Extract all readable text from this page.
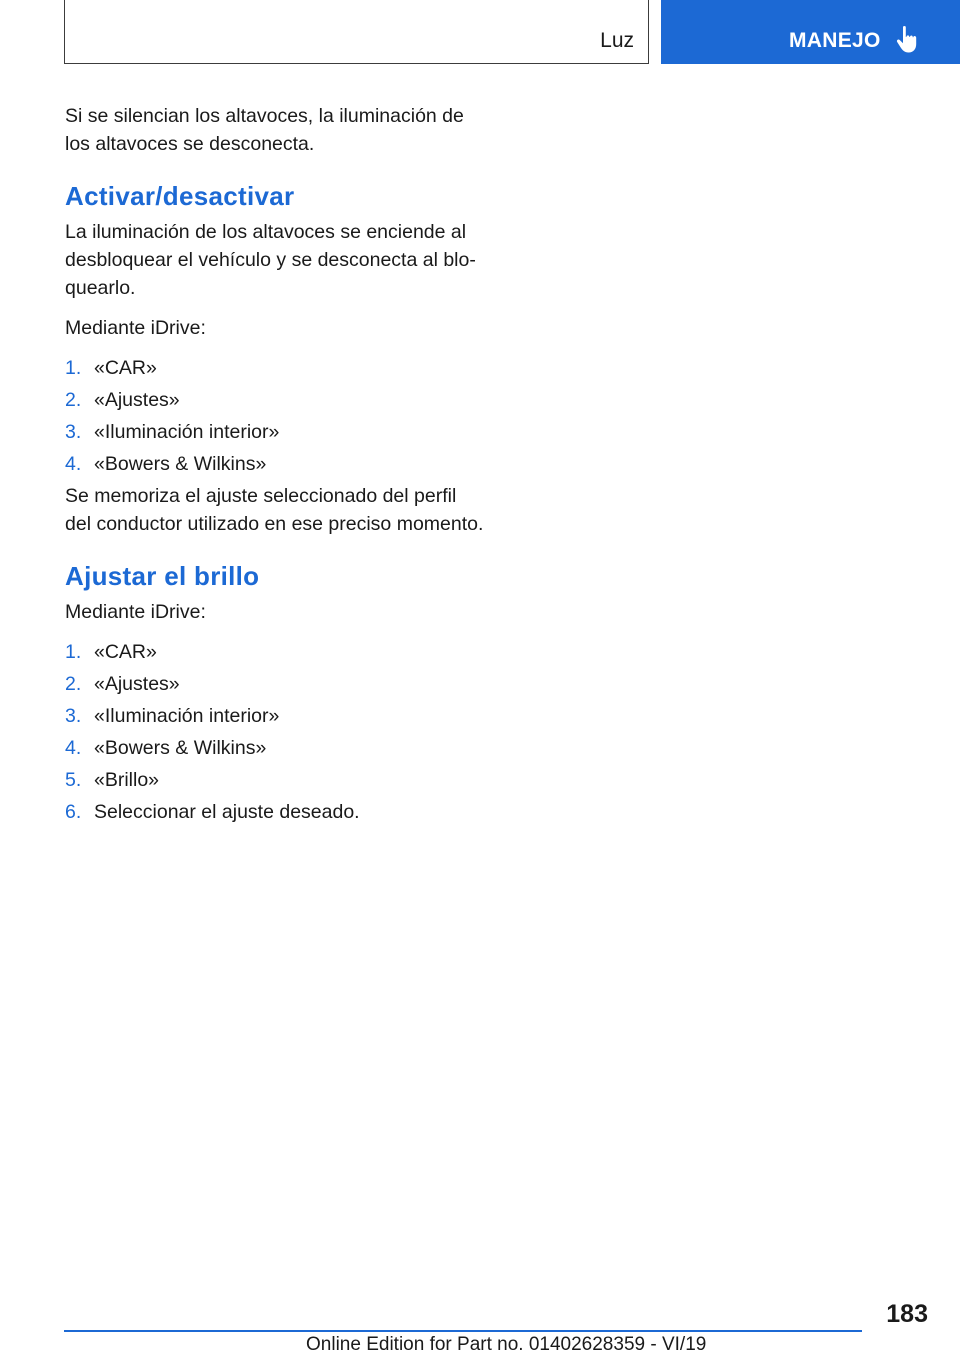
Luz	MANEJO

Si se silencian los altavoces, la iluminación de los altavoces se desconecta.

Activar/desactivar

La iluminación de los altavoces se enciende al desbloquear el vehículo y se desconecta al bloquearlo.

Mediante iDrive:

1. «CAR»
2. «Ajustes»
3. «Iluminación interior»
4. «Bowers & Wilkins»

Se memoriza el ajuste seleccionado del perfil del conductor utilizado en ese preciso momento.

Ajustar el brillo

Mediante iDrive:

1. «CAR»
2. «Ajustes»
3. «Iluminación interior»
4. «Bowers & Wilkins»
5. «Brillo»
6. Seleccionar el ajuste deseado.
183
Online Edition for Part no. 01402628359 - VI/19
